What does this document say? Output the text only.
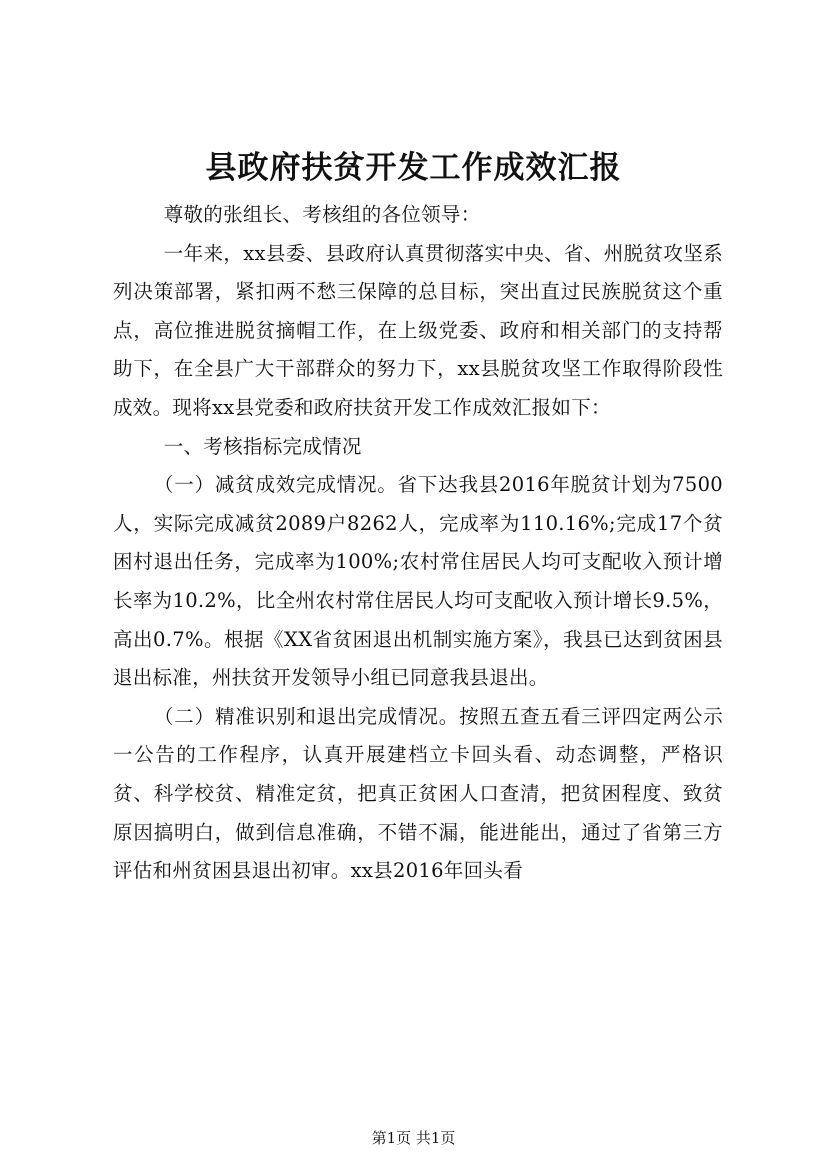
县政府扶贫开发工作成效汇报

尊敬的张组长、考核组的各位领导：

一年来，xx县委、县政府认真贯彻落实中央、省、州脱贫攻坚系列决策部署，紧扣两不愁三保障的总目标，突出直过民族脱贫这个重点，高位推进脱贫摘帽工作，在上级党委、政府和相关部门的支持帮助下，在全县广大干部群众的努力下，xx县脱贫攻坚工作取得阶段性成效。现将xx县党委和政府扶贫开发工作成效汇报如下：

一、考核指标完成情况

（一）减贫成效完成情况。省下达我县2016年脱贫计划为7500人，实际完成减贫2089户8262人，完成率为110.16%;完成17个贫困村退出任务，完成率为100%;农村常住居民人均可支配收入预计增长率为10.2%，比全州农村常住居民人均可支配收入预计增长9.5%，高出0.7%。根据《XX省贫困退出机制实施方案》，我县已达到贫困县退出标准，州扶贫开发领导小组已同意我县退出。

（二）精准识别和退出完成情况。按照五查五看三评四定两公示一公告的工作程序，认真开展建档立卡回头看、动态调整，严格识贫、科学校贫、精准定贫，把真正贫困人口查清，把贫困程度、致贫原因搞明白，做到信息准确，不错不漏，能进能出，通过了省第三方评估和州贫困县退出初审。xx县2016年回头看

第1页 共1页
